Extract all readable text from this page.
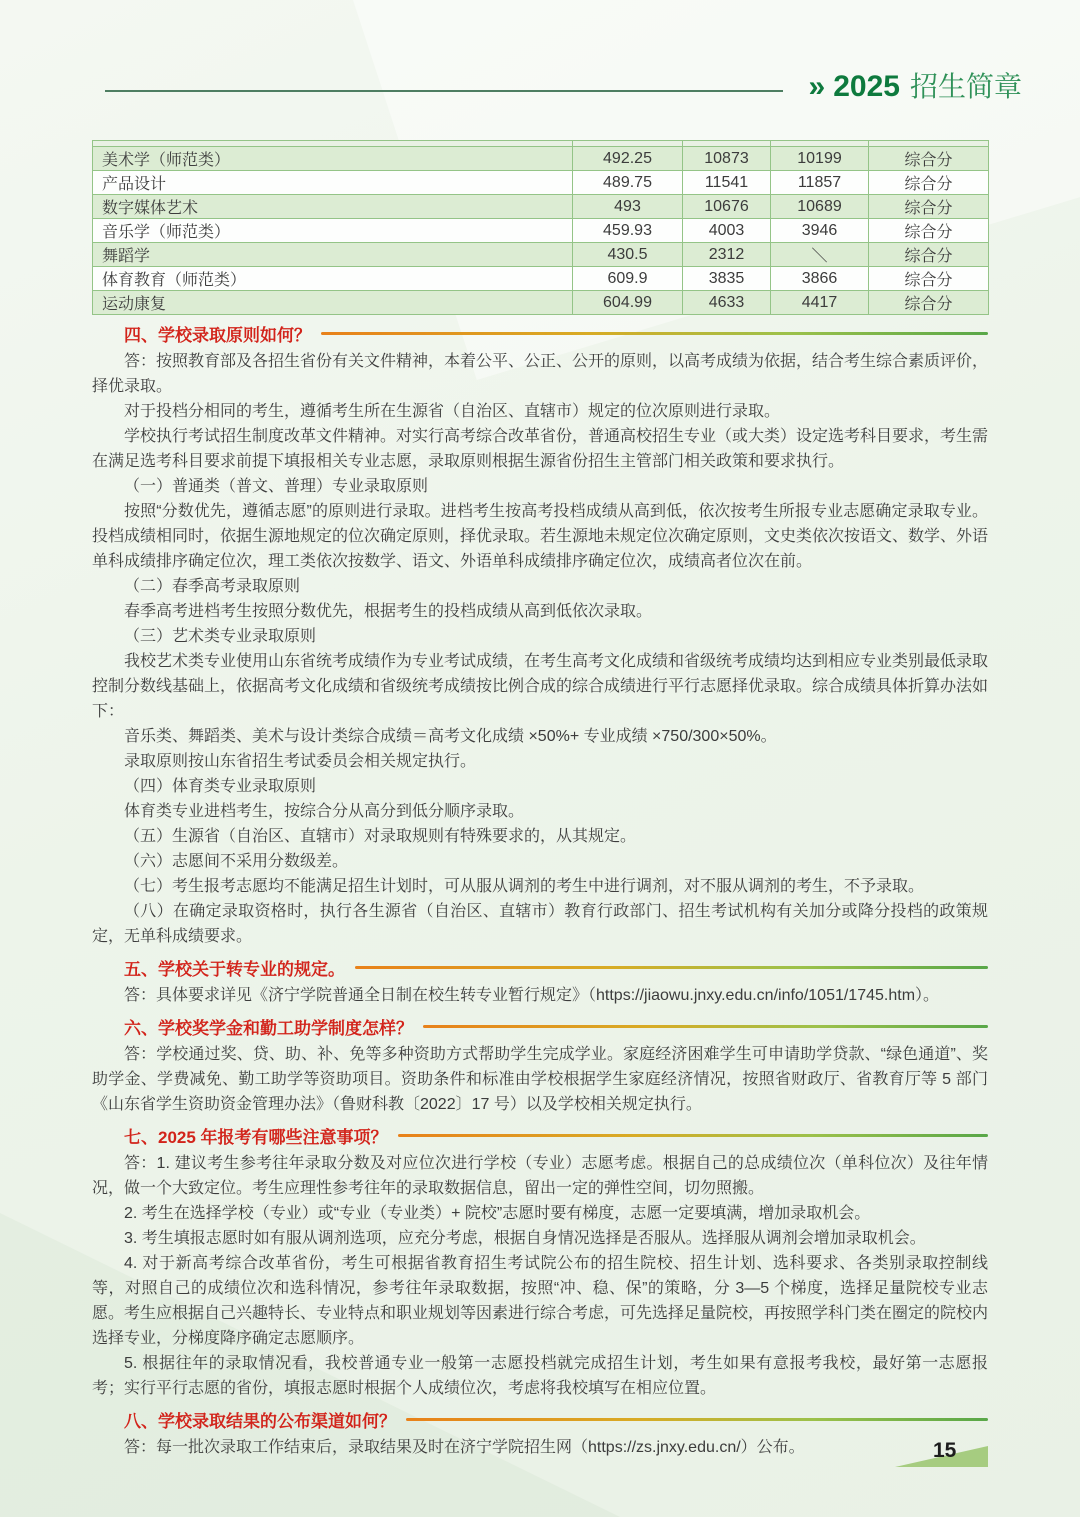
» 2025 招生简章

美术学（师范类）	492.25	10873	10199	综合分
产品设计	489.75	11541	11857	综合分
数字媒体艺术	493	10676	10689	综合分
音乐学（师范类）	459.93	4003	3946	综合分
舞蹈学	430.5	2312	＼	综合分
体育教育（师范类）	609.9	3835	3866	综合分
运动康复	604.99	4633	4417	综合分
四、学校录取原则如何？

答：按照教育部及各招生省份有关文件精神，本着公平、公正、公开的原则，以高考成绩为依据，结合考生综合素质评价，择优录取。

对于投档分相同的考生，遵循考生所在生源省（自治区、直辖市）规定的位次原则进行录取。

学校执行考试招生制度改革文件精神。对实行高考综合改革省份，普通高校招生专业（或大类）设定选考科目要求，考生需在满足选考科目要求前提下填报相关专业志愿，录取原则根据生源省份招生主管部门相关政策和要求执行。

（一）普通类（普文、普理）专业录取原则

按照“分数优先，遵循志愿”的原则进行录取。进档考生按高考投档成绩从高到低，依次按考生所报专业志愿确定录取专业。投档成绩相同时，依据生源地规定的位次确定原则，择优录取。若生源地未规定位次确定原则，文史类依次按语文、数学、外语单科成绩排序确定位次，理工类依次按数学、语文、外语单科成绩排序确定位次，成绩高者位次在前。

（二）春季高考录取原则

春季高考进档考生按照分数优先，根据考生的投档成绩从高到低依次录取。

（三）艺术类专业录取原则

我校艺术类专业使用山东省统考成绩作为专业考试成绩，在考生高考文化成绩和省级统考成绩均达到相应专业类别最低录取控制分数线基础上，依据高考文化成绩和省级统考成绩按比例合成的综合成绩进行平行志愿择优录取。综合成绩具体折算办法如下：

音乐类、舞蹈类、美术与设计类综合成绩＝高考文化成绩 ×50%+ 专业成绩 ×750/300×50%。

录取原则按山东省招生考试委员会相关规定执行。

（四）体育类专业录取原则

体育类专业进档考生，按综合分从高分到低分顺序录取。

（五）生源省（自治区、直辖市）对录取规则有特殊要求的，从其规定。

（六）志愿间不采用分数级差。

（七）考生报考志愿均不能满足招生计划时，可从服从调剂的考生中进行调剂，对不服从调剂的考生，不予录取。

（八）在确定录取资格时，执行各生源省（自治区、直辖市）教育行政部门、招生考试机构有关加分或降分投档的政策规定，无单科成绩要求。

五、学校关于转专业的规定。

答：具体要求详见《济宁学院普通全日制在校生转专业暂行规定》（https://jiaowu.jnxy.edu.cn/info/1051/1745.htm）。

六、学校奖学金和勤工助学制度怎样？

答：学校通过奖、贷、助、补、免等多种资助方式帮助学生完成学业。家庭经济困难学生可申请助学贷款、“绿色通道”、奖助学金、学费减免、勤工助学等资助项目。资助条件和标准由学校根据学生家庭经济情况，按照省财政厅、省教育厅等 5 部门《山东省学生资助资金管理办法》（鲁财科教〔2022〕17 号）以及学校相关规定执行。

七、2025 年报考有哪些注意事项？

答：1. 建议考生参考往年录取分数及对应位次进行学校（专业）志愿考虑。根据自己的总成绩位次（单科位次）及往年情况，做一个大致定位。考生应理性参考往年的录取数据信息，留出一定的弹性空间，切勿照搬。

2. 考生在选择学校（专业）或“专业（专业类）+ 院校”志愿时要有梯度，志愿一定要填满，增加录取机会。

3. 考生填报志愿时如有服从调剂选项，应充分考虑，根据自身情况选择是否服从。选择服从调剂会增加录取机会。

4. 对于新高考综合改革省份，考生可根据省教育招生考试院公布的招生院校、招生计划、选科要求、各类别录取控制线等，对照自己的成绩位次和选科情况，参考往年录取数据，按照“冲、稳、保”的策略，分 3—5 个梯度，选择足量院校专业志愿。考生应根据自己兴趣特长、专业特点和职业规划等因素进行综合考虑，可先选择足量院校，再按照学科门类在圈定的院校内选择专业，分梯度降序确定志愿顺序。

5. 根据往年的录取情况看，我校普通专业一般第一志愿投档就完成招生计划，考生如果有意报考我校，最好第一志愿报考；实行平行志愿的省份，填报志愿时根据个人成绩位次，考虑将我校填写在相应位置。

八、学校录取结果的公布渠道如何？

答：每一批次录取工作结束后，录取结果及时在济宁学院招生网（https://zs.jnxy.edu.cn/）公布。	15
